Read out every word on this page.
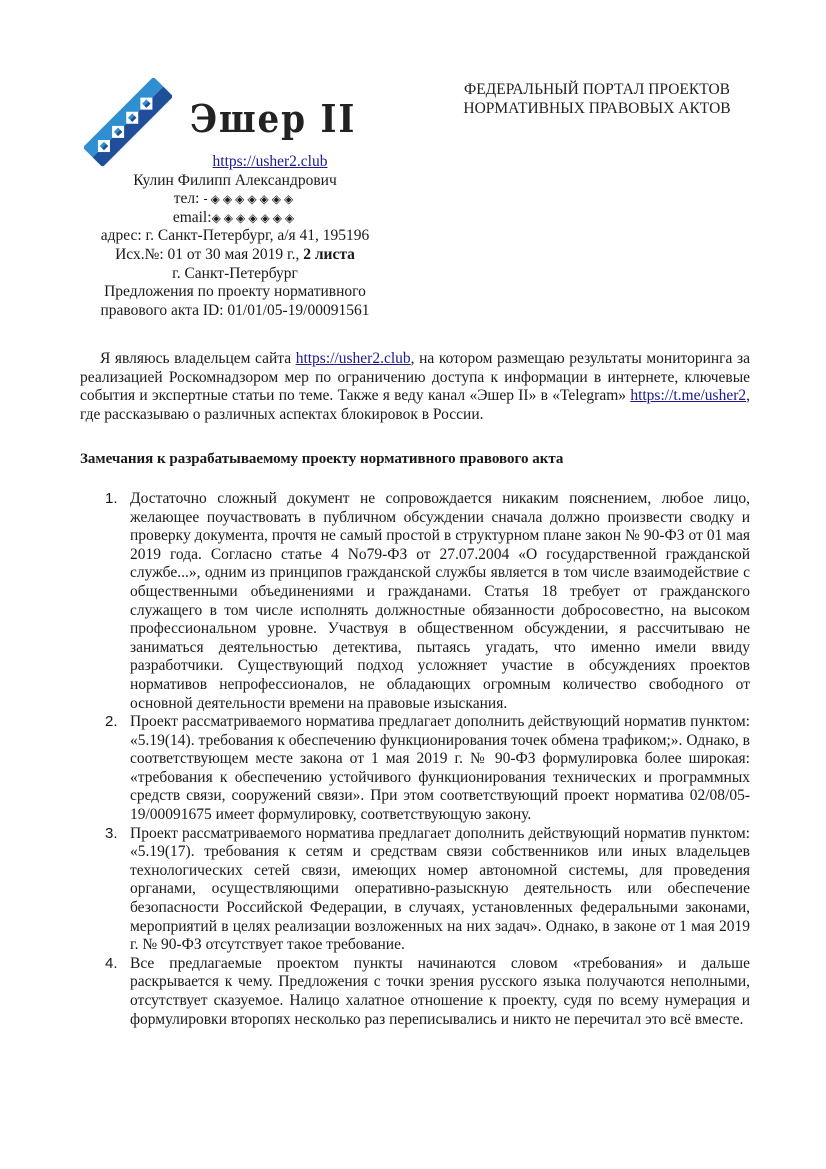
Эшер II
https://usher2.club
Кулин Филипп Александрович
тел: -◈◈◈◈◈◈◈
email:◈◈◈◈◈◈◈
адрес: г. Санкт-Петербург, а/я 41, 195196
Исх.№: 01 от 30 мая 2019 г., 2 листа
г. Санкт-Петербург
Предложения по проекту нормативного
правового акта ID: 01/01/05-19/00091561
ФЕДЕРАЛЬНЫЙ ПОРТАЛ ПРОЕКТОВ
НОРМАТИВНЫХ ПРАВОВЫХ АКТОВ

Я являюсь владельцем сайта https://usher2.club, на котором размещаю результаты мониторинга за реализацией Роскомнадзором мер по ограничению доступа к информации в интернете, ключевые события и экспертные статьи по теме. Также я веду канал «Эшер II» в «Telegram» https://t.me/usher2, где рассказываю о различных аспектах блокировок в России.

Замечания к разрабатываемому проекту нормативного правового акта

1. Достаточно сложный документ не сопровождается никаким пояснением, любое лицо, желающее поучаствовать в публичном обсуждении сначала должно произвести сводку и проверку документа, прочтя не самый простой в структурном плане закон № 90-ФЗ от 01 мая 2019 года. Согласно статье 4 No79-ФЗ от 27.07.2004 «О государственной гражданской службе...», одним из принципов гражданской службы является в том числе взаимодействие с общественными объединениями и гражданами. Статья 18 требует от гражданского служащего в том числе исполнять должностные обязанности добросовестно, на высоком профессиональном уровне. Участвуя в общественном обсуждении, я рассчитываю не заниматься деятельностью детектива, пытаясь угадать, что именно имели ввиду разработчики. Существующий подход усложняет участие в обсуждениях проектов нормативов непрофессионалов, не обладающих огромным количество свободного от основной деятельности времени на правовые изыскания.
2. Проект рассматриваемого норматива предлагает дополнить действующий норматив пунктом: «5.19(14). требования к обеспечению функционирования точек обмена трафиком;». Однако, в соответствующем месте закона от 1 мая 2019 г. № 90-ФЗ формулировка более широкая: «требования к обеспечению устойчивого функционирования технических и программных средств связи, сооружений связи». При этом соответствующий проект норматива 02/08/05-19/00091675 имеет формулировку, соответствующую закону.
3. Проект рассматриваемого норматива предлагает дополнить действующий норматив пунктом: «5.19(17). требования к сетям и средствам связи собственников или иных владельцев технологических сетей связи, имеющих номер автономной системы, для проведения органами, осуществляющими оперативно-разыскную деятельность или обеспечение безопасности Российской Федерации, в случаях, установленных федеральными законами, мероприятий в целях реализации возложенных на них задач». Однако, в законе от 1 мая 2019 г. № 90-ФЗ отсутствует такое требование.
4. Все предлагаемые проектом пункты начинаются словом «требования» и дальше раскрывается к чему. Предложения с точки зрения русского языка получаются неполными, отсутствует сказуемое. Налицо халатное отношение к проекту, судя по всему нумерация и формулировки второпях несколько раз переписывались и никто не перечитал это всё вместе.
